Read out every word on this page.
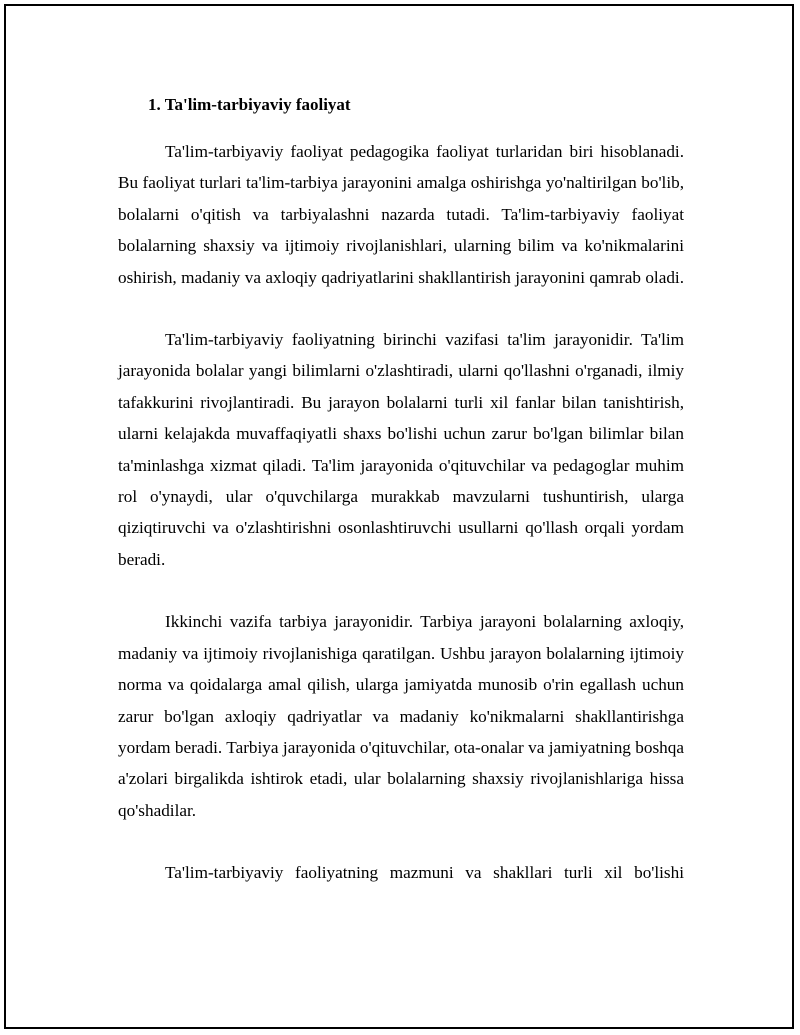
1. Ta'lim-tarbiyaviy faoliyat

Ta'lim-tarbiyaviy faoliyat pedagogika faoliyat turlaridan biri hisoblanadi. Bu faoliyat turlari ta'lim-tarbiya jarayonini amalga oshirishga yo'naltirilgan bo'lib, bolalarni o'qitish va tarbiyalashni nazarda tutadi. Ta'lim-tarbiyaviy faoliyat bolalarning shaxsiy va ijtimoiy rivojlanishlari, ularning bilim va ko'nikmalarini oshirish, madaniy va axloqiy qadriyatlarini shakllantirish jarayonini qamrab oladi.

Ta'lim-tarbiyaviy faoliyatning birinchi vazifasi ta'lim jarayonidir. Ta'lim jarayonida bolalar yangi bilimlarni o'zlashtiradi, ularni qo'llashni o'rganadi, ilmiy tafakkurini rivojlantiradi. Bu jarayon bolalarni turli xil fanlar bilan tanishtirish, ularni kelajakda muvaffaqiyatli shaxs bo'lishi uchun zarur bo'lgan bilimlar bilan ta'minlashga xizmat qiladi. Ta'lim jarayonida o'qituvchilar va pedagoglar muhim rol o'ynaydi, ular o'quvchilarga murakkab mavzularni tushuntirish, ularga qiziqtiruvchi va o'zlashtirishni osonlashtiruvchi usullarni qo'llash orqali yordam beradi.

Ikkinchi vazifa tarbiya jarayonidir. Tarbiya jarayoni bolalarning axloqiy, madaniy va ijtimoiy rivojlanishiga qaratilgan. Ushbu jarayon bolalarning ijtimoiy norma va qoidalarga amal qilish, ularga jamiyatda munosib o'rin egallash uchun zarur bo'lgan axloqiy qadriyatlar va madaniy ko'nikmalarni shakllantirishga yordam beradi. Tarbiya jarayonida o'qituvchilar, ota-onalar va jamiyatning boshqa a'zolari birgalikda ishtirok etadi, ular bolalarning shaxsiy rivojlanishlariga hissa qo'shadilar.

Ta'lim-tarbiyaviy faoliyatning mazmuni va shakllari turli xil bo'lishi
